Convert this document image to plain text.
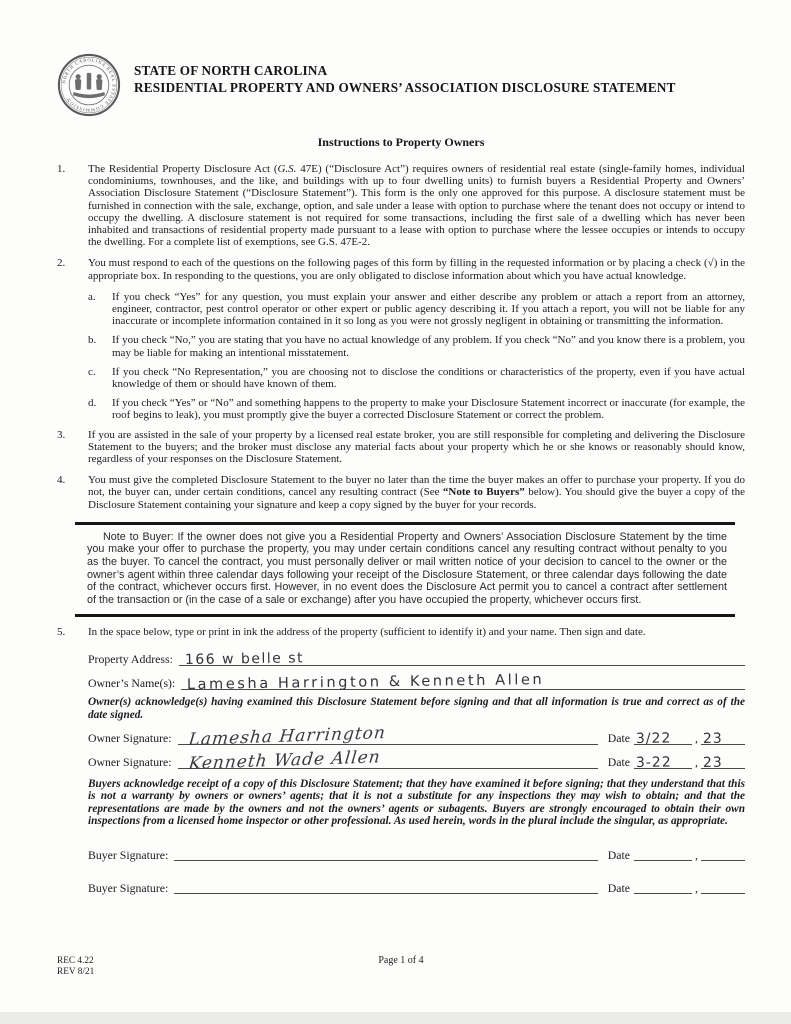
NORTH CAROLINA REAL ESTATE COMMISSION
STATE OF NORTH CAROLINA
RESIDENTIAL PROPERTY AND OWNERS’ ASSOCIATION DISCLOSURE STATEMENT
Instructions to Property Owners
1.	The Residential Property Disclosure Act (G.S. 47E) (“Disclosure Act”) requires owners of residential real estate (single-family homes, individual condominiums, townhouses, and the like, and buildings with up to four dwelling units) to furnish buyers a Residential Property and Owners’ Association Disclosure Statement (“Disclosure Statement”). This form is the only one approved for this purpose. A disclosure statement must be furnished in connection with the sale, exchange, option, and sale under a lease with option to purchase where the tenant does not occupy or intend to occupy the dwelling. A disclosure statement is not required for some transactions, including the first sale of a dwelling which has never been inhabited and transactions of residential property made pursuant to a lease with option to purchase where the lessee occupies or intends to occupy the dwelling. For a complete list of exemptions, see G.S. 47E-2.
2.	You must respond to each of the questions on the following pages of this form by filling in the requested information or by placing a check (√) in the appropriate box. In responding to the questions, you are only obligated to disclose information about which you have actual knowledge.
a.	If you check “Yes” for any question, you must explain your answer and either describe any problem or attach a report from an attorney, engineer, contractor, pest control operator or other expert or public agency describing it. If you attach a report, you will not be liable for any inaccurate or incomplete information contained in it so long as you were not grossly negligent in obtaining or transmitting the information.
b.	If you check “No,” you are stating that you have no actual knowledge of any problem. If you check “No” and you know there is a problem, you may be liable for making an intentional misstatement.
c.	If you check “No Representation,” you are choosing not to disclose the conditions or characteristics of the property, even if you have actual knowledge of them or should have known of them.
d.	If you check “Yes” or “No” and something happens to the property to make your Disclosure Statement incorrect or inaccurate (for example, the roof begins to leak), you must promptly give the buyer a corrected Disclosure Statement or correct the problem.
3.	If you are assisted in the sale of your property by a licensed real estate broker, you are still responsible for completing and delivering the Disclosure Statement to the buyers; and the broker must disclose any material facts about your property which he or she knows or reasonably should know, regardless of your responses on the Disclosure Statement.
4.	You must give the completed Disclosure Statement to the buyer no later than the time the buyer makes an offer to purchase your property. If you do not, the buyer can, under certain conditions, cancel any resulting contract (See “Note to Buyers” below). You should give the buyer a copy of the Disclosure Statement containing your signature and keep a copy signed by the buyer for your records.
Note to Buyer: If the owner does not give you a Residential Property and Owners’ Association Disclosure Statement by the time you make your offer to purchase the property, you may under certain conditions cancel any resulting contract without penalty to you as the buyer. To cancel the contract, you must personally deliver or mail written notice of your decision to cancel to the owner or the owner’s agent within three calendar days following your receipt of the Disclosure Statement, or three calendar days following the date of the contract, whichever occurs first. However, in no event does the Disclosure Act permit you to cancel a contract after settlement of the transaction or (in the case of a sale or exchange) after you have occupied the property, whichever occurs first.
5.	In the space below, type or print in ink the address of the property (sufficient to identify it) and your name. Then sign and date.
Property Address: 166 w belle st
Owner’s Name(s): Lamesha Harrington & Kenneth Allen
Owner(s) acknowledge(s) having examined this Disclosure Statement before signing and that all information is true and correct as of the date signed.
Owner Signature: Lamesha Harrington	Date 3/22 , 23
Owner Signature: Kenneth Wade Allen	Date 3-22 , 23
Buyers acknowledge receipt of a copy of this Disclosure Statement; that they have examined it before signing; that they understand that this is not a warranty by owners or owners’ agents; that it is not a substitute for any inspections they may wish to obtain; and that the representations are made by the owners and not the owners’ agents or subagents. Buyers are strongly encouraged to obtain their own inspections from a licensed home inspector or other professional. As used herein, words in the plural include the singular, as appropriate.
Buyer Signature:	Date	,
Buyer Signature:	Date	,
REC 4.22
REV 8/21
Page 1 of 4
